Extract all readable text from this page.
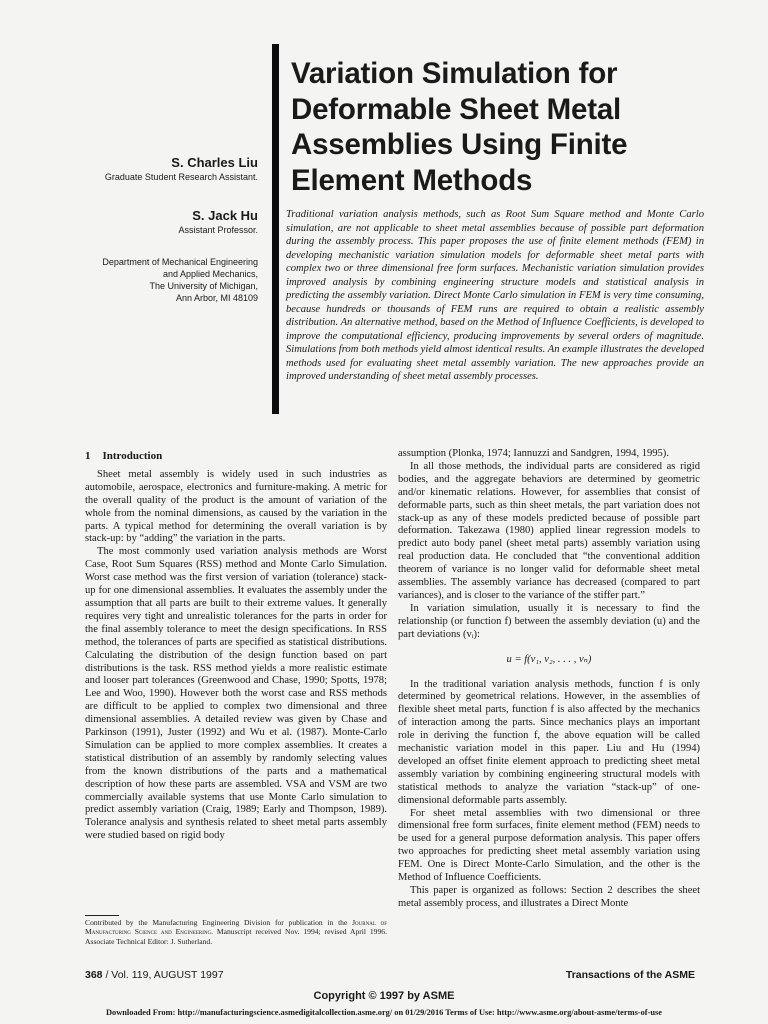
Variation Simulation for Deformable Sheet Metal Assemblies Using Finite Element Methods
S. Charles Liu
Graduate Student Research Assistant.
S. Jack Hu
Assistant Professor.
Department of Mechanical Engineering
and Applied Mechanics,
The University of Michigan,
Ann Arbor, MI 48109
Traditional variation analysis methods, such as Root Sum Square method and Monte Carlo simulation, are not applicable to sheet metal assemblies because of possible part deformation during the assembly process. This paper proposes the use of finite element methods (FEM) in developing mechanistic variation simulation models for deformable sheet metal parts with complex two or three dimensional free form surfaces. Mechanistic variation simulation provides improved analysis by combining engineering structure models and statistical analysis in predicting the assembly variation. Direct Monte Carlo simulation in FEM is very time consuming, because hundreds or thousands of FEM runs are required to obtain a realistic assembly distribution. An alternative method, based on the Method of Influence Coefficients, is developed to improve the computational efficiency, producing improvements by several orders of magnitude. Simulations from both methods yield almost identical results. An example illustrates the developed methods used for evaluating sheet metal assembly variation. The new approaches provide an improved understanding of sheet metal assembly processes.
1 Introduction

Sheet metal assembly is widely used in such industries as automobile, aerospace, electronics and furniture-making. A metric for the overall quality of the product is the amount of variation of the whole from the nominal dimensions, as caused by the variation in the parts. A typical method for determining the overall variation is by stack-up: by “adding” the variation in the parts.

The most commonly used variation analysis methods are Worst Case, Root Sum Squares (RSS) method and Monte Carlo Simulation. Worst case method was the first version of variation (tolerance) stack-up for one dimensional assemblies. It evaluates the assembly under the assumption that all parts are built to their extreme values. It generally requires very tight and unrealistic tolerances for the parts in order for the final assembly tolerance to meet the design specifications. In RSS method, the tolerances of parts are specified as statistical distributions. Calculating the distribution of the design function based on part distributions is the task. RSS method yields a more realistic estimate and looser part tolerances (Greenwood and Chase, 1990; Spotts, 1978; Lee and Woo, 1990). However both the worst case and RSS methods are difficult to be applied to complex two dimensional and three dimensional assemblies. A detailed review was given by Chase and Parkinson (1991), Juster (1992) and Wu et al. (1987). Monte-Carlo Simulation can be applied to more complex assemblies. It creates a statistical distribution of an assembly by randomly selecting values from the known distributions of the parts and a mathematical description of how these parts are assembled. VSA and VSM are two commercially available systems that use Monte Carlo simulation to predict assembly variation (Craig, 1989; Early and Thompson, 1989). Tolerance analysis and synthesis related to sheet metal parts assembly were studied based on rigid body

assumption (Plonka, 1974; Iannuzzi and Sandgren, 1994, 1995).

In all those methods, the individual parts are considered as rigid bodies, and the aggregate behaviors are determined by geometric and/or kinematic relations. However, for assemblies that consist of deformable parts, such as thin sheet metals, the part variation does not stack-up as any of these models predicted because of possible part deformation. Takezawa (1980) applied linear regression models to predict auto body panel (sheet metal parts) assembly variation using real production data. He concluded that “the conventional addition theorem of variance is no longer valid for deformable sheet metal assemblies. The assembly variance has decreased (compared to part variances), and is closer to the variance of the stiffer part.”

In variation simulation, usually it is necessary to find the relationship (or function f) between the assembly deviation (u) and the part deviations (vᵢ):

u = f(v₁, v₂, . . . , vₙ)

In the traditional variation analysis methods, function f is only determined by geometrical relations. However, in the assemblies of flexible sheet metal parts, function f is also affected by the mechanics of interaction among the parts. Since mechanics plays an important role in deriving the function f, the above equation will be called mechanistic variation model in this paper. Liu and Hu (1994) developed an offset finite element approach to predicting sheet metal assembly variation by combining engineering structural models with statistical methods to analyze the variation “stack-up” of one-dimensional deformable parts assembly.

For sheet metal assemblies with two dimensional or three dimensional free form surfaces, finite element method (FEM) needs to be used for a general purpose deformation analysis. This paper offers two approaches for predicting sheet metal assembly variation using FEM. One is Direct Monte-Carlo Simulation, and the other is the Method of Influence Coefficients.

This paper is organized as follows: Section 2 describes the sheet metal assembly process, and illustrates a Direct Monte

Contributed by the Manufacturing Engineering Division for publication in the Journal of Manufacturing Science and Engineering. Manuscript received Nov. 1994; revised April 1996. Associate Technical Editor: J. Sutherland.
368 / Vol. 119, AUGUST 1997	Transactions of the ASME
Copyright © 1997 by ASME
Downloaded From: http://manufacturingscience.asmedigitalcollection.asme.org/ on 01/29/2016 Terms of Use: http://www.asme.org/about-asme/terms-of-use
